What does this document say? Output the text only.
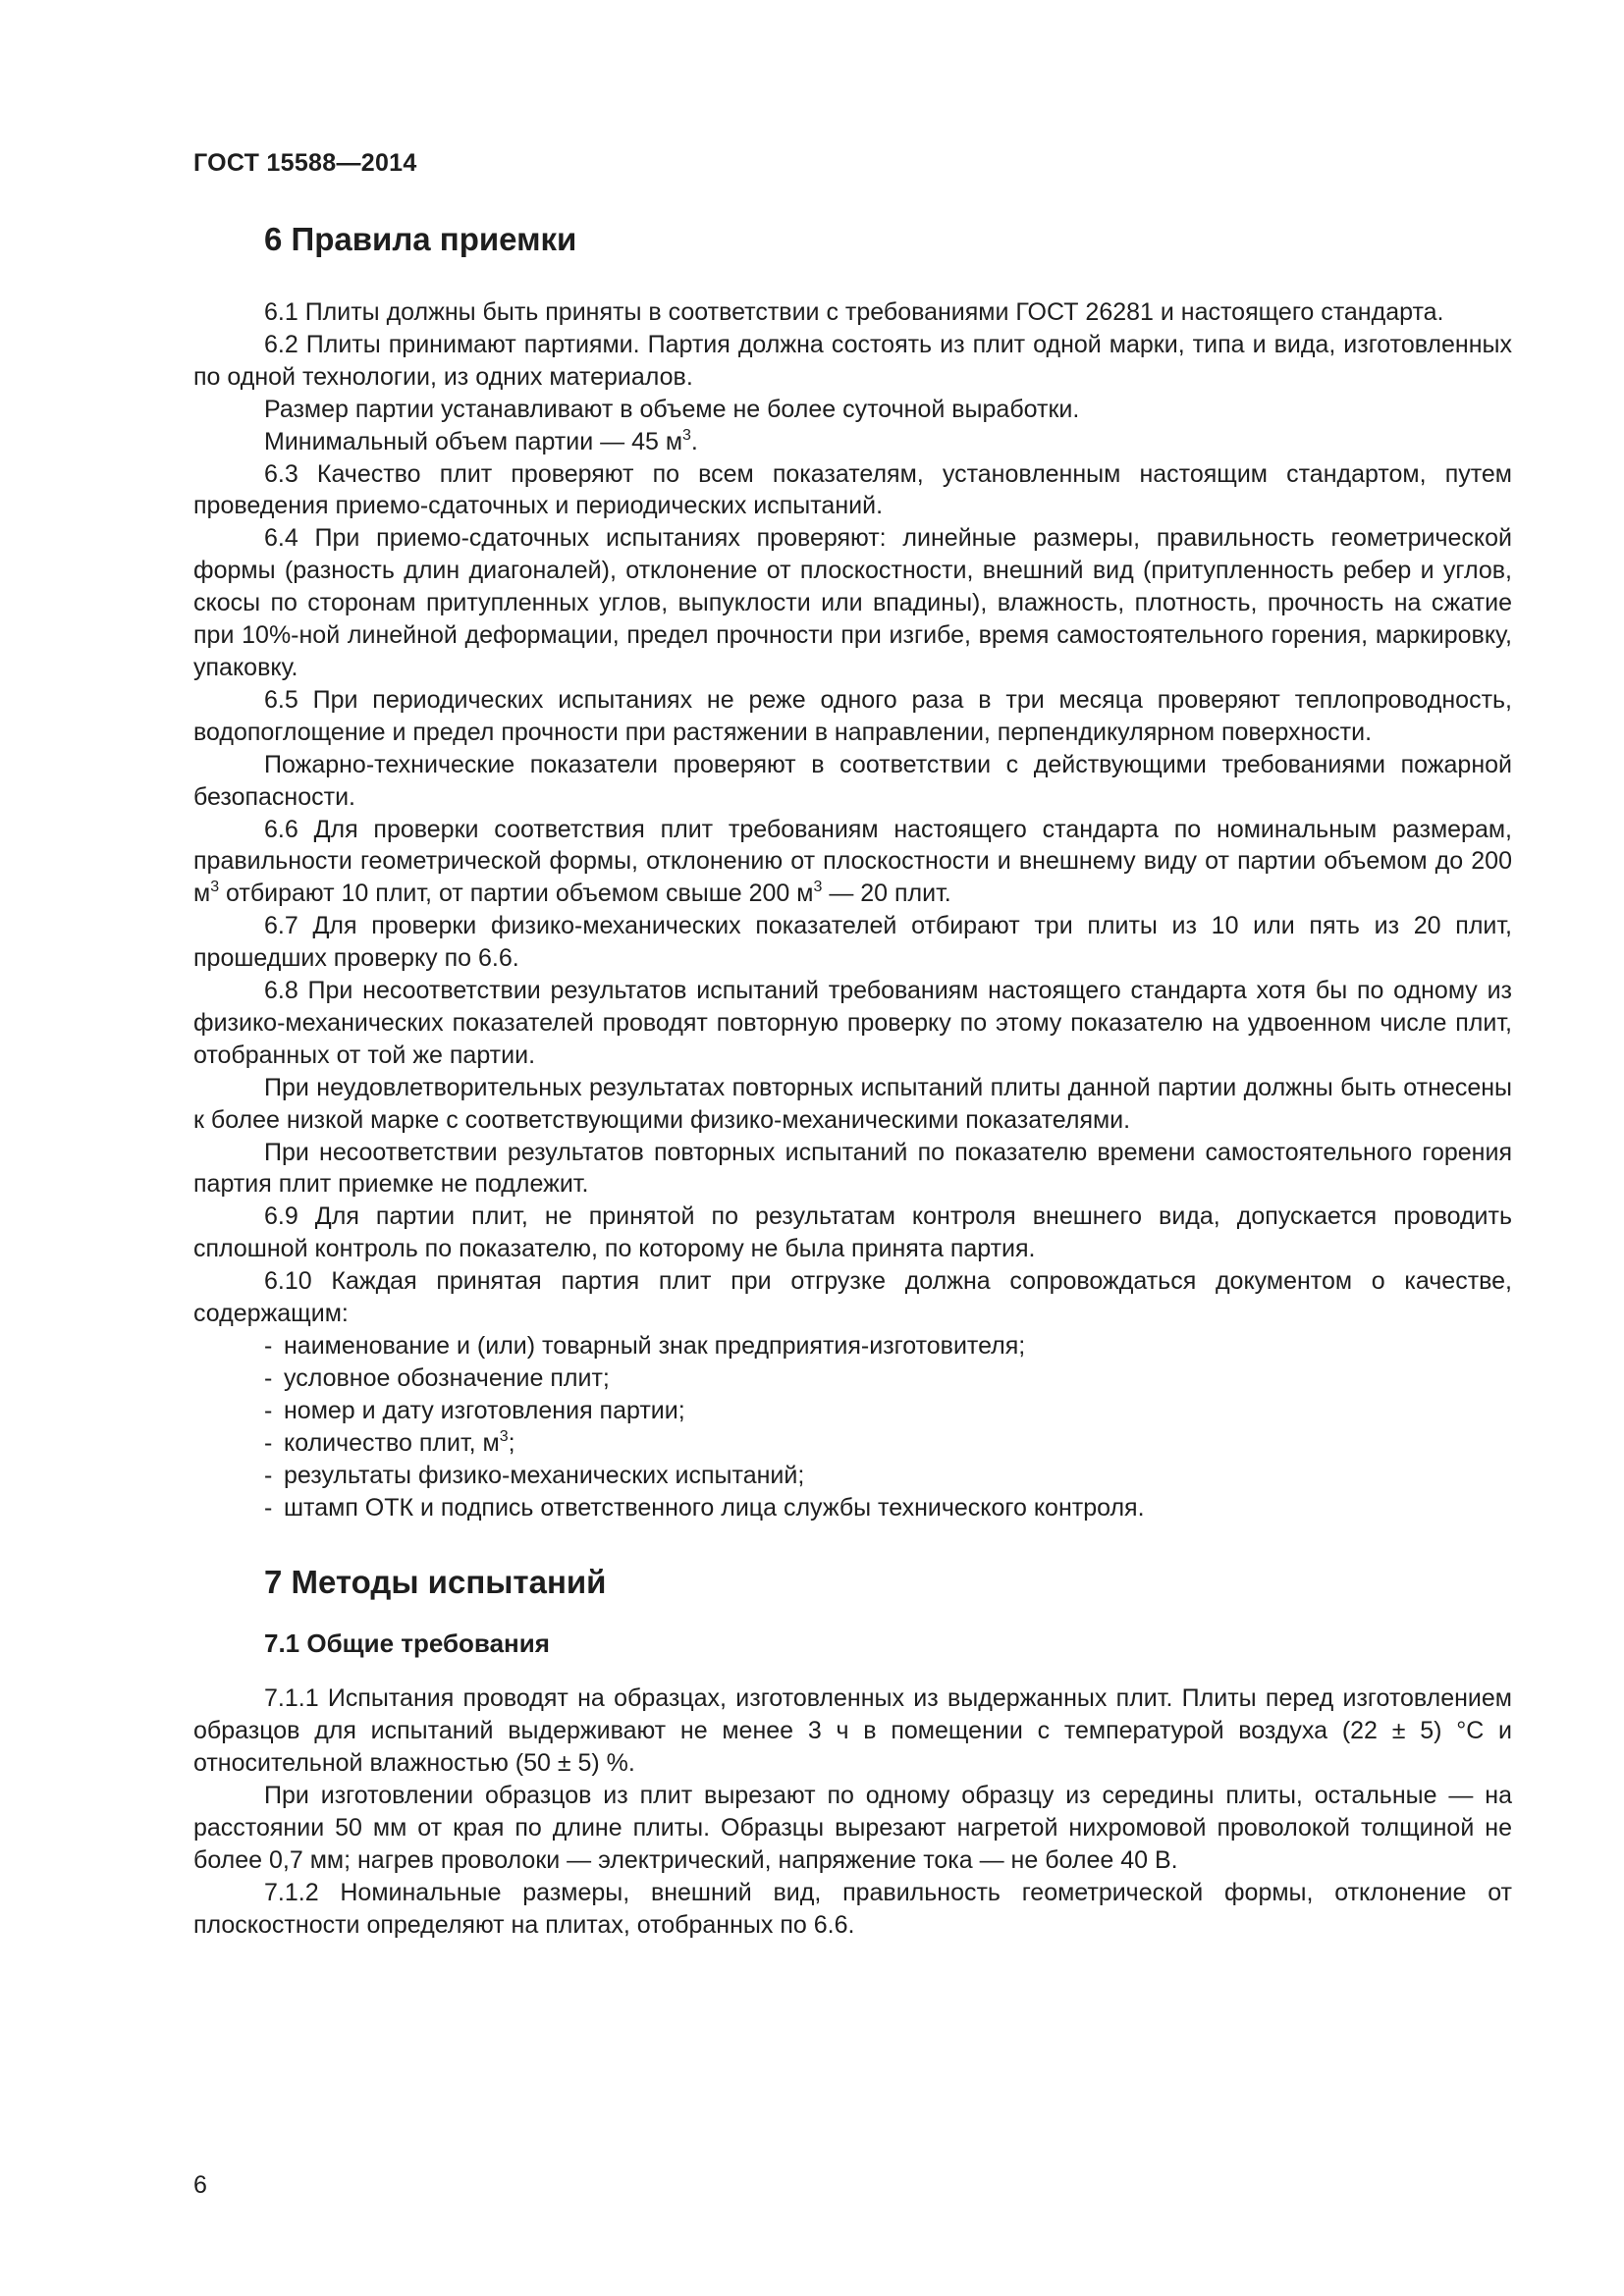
ГОСТ 15588—2014
6 Правила приемки

6.1 Плиты должны быть приняты в соответствии с требованиями ГОСТ 26281 и настоящего стандарта.

6.2 Плиты принимают партиями. Партия должна состоять из плит одной марки, типа и вида, изготовленных по одной технологии, из одних материалов.

Размер партии устанавливают в объеме не более суточной выработки.

Минимальный объем партии — 45 $м^3$.

6.3 Качество плит проверяют по всем показателям, установленным настоящим стандартом, путем проведения приемо-сдаточных и периодических испытаний.

6.4 При приемо-сдаточных испытаниях проверяют: линейные размеры, правильность геометрической формы (разность длин диагоналей), отклонение от плоскостности, внешний вид (притупленность ребер и углов, скосы по сторонам притупленных углов, выпуклости или впадины), влажность, плотность, прочность на сжатие при 10%-ной линейной деформации, предел прочности при изгибе, время самостоятельного горения, маркировку, упаковку.

6.5 При периодических испытаниях не реже одного раза в три месяца проверяют теплопроводность, водопоглощение и предел прочности при растяжении в направлении, перпендикулярном поверхности.

Пожарно-технические показатели проверяют в соответствии с действующими требованиями пожарной безопасности.

6.6 Для проверки соответствия плит требованиям настоящего стандарта по номинальным размерам, правильности геометрической формы, отклонению от плоскостности и внешнему виду от партии объемом до 200 $м^3$ отбирают 10 плит, от партии объемом свыше 200 $м^3$ — 20 плит.

6.7 Для проверки физико-механических показателей отбирают три плиты из 10 или пять из 20 плит, прошедших проверку по 6.6.

6.8 При несоответствии результатов испытаний требованиям настоящего стандарта хотя бы по одному из физико-механических показателей проводят повторную проверку по этому показателю на удвоенном числе плит, отобранных от той же партии.

При неудовлетворительных результатах повторных испытаний плиты данной партии должны быть отнесены к более низкой марке с соответствующими физико-механическими показателями.

При несоответствии результатов повторных испытаний по показателю времени самостоятельного горения партия плит приемке не подлежит.

6.9 Для партии плит, не принятой по результатам контроля внешнего вида, допускается проводить сплошной контроль по показателю, по которому не была принята партия.

6.10 Каждая принятая партия плит при отгрузке должна сопровождаться документом о качестве, содержащим:

- наименование и (или) товарный знак предприятия-изготовителя;

- условное обозначение плит;

- номер и дату изготовления партии;

- количество плит, $м^3$;

- результаты физико-механических испытаний;

- штамп ОТК и подпись ответственного лица службы технического контроля.

7 Методы испытаний
7.1 Общие требования

7.1.1 Испытания проводят на образцах, изготовленных из выдержанных плит. Плиты перед изготовлением образцов для испытаний выдерживают не менее 3 ч в помещении с температурой воздуха (22 ± 5) °С и относительной влажностью (50 ± 5) %.

При изготовлении образцов из плит вырезают по одному образцу из середины плиты, остальные — на расстоянии 50 мм от края по длине плиты. Образцы вырезают нагретой нихромовой проволокой толщиной не более 0,7 мм; нагрев проволоки — электрический, напряжение тока — не более 40 В.

7.1.2 Номинальные размеры, внешний вид, правильность геометрической формы, отклонение от плоскостности определяют на плитах, отобранных по 6.6.

6
